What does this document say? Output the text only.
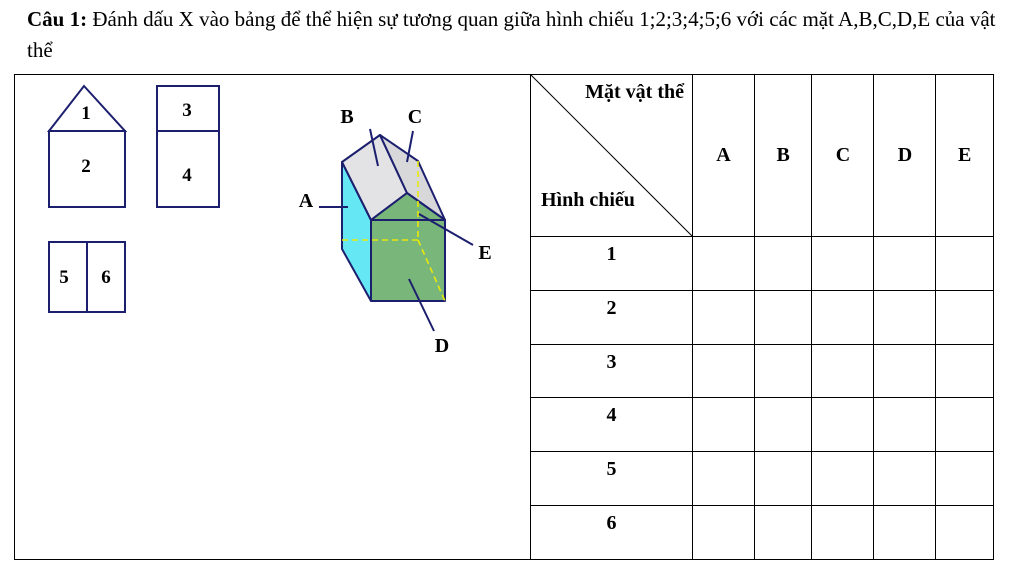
Câu 1: Đánh dấu X vào bảng để thể hiện sự tương quan giữa hình chiếu 1;2;3;4;5;6 với các mặt A,B,C,D,E của vật thể
1
2
3
4
5 6
A
B	C
D
E
Mặt vật thể
Hình chiếu	A	B	C	D	E
1					
2					
3					
4					
5					
6					
